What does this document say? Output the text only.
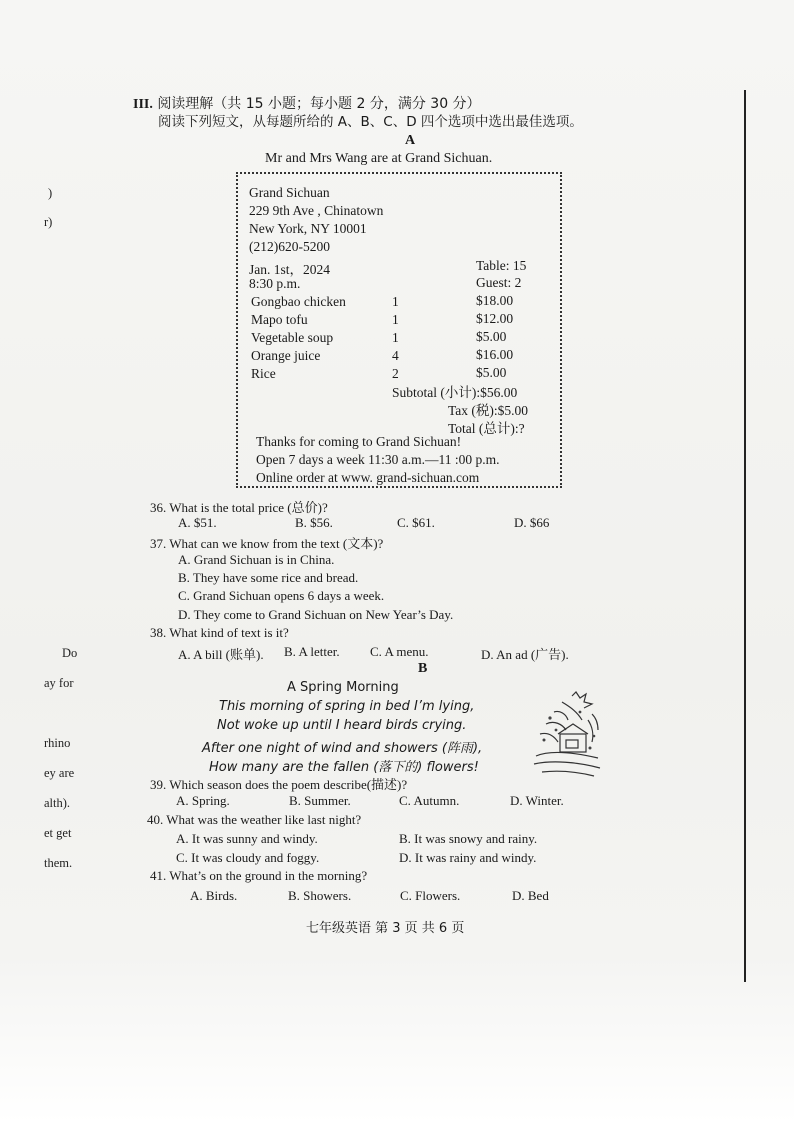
)
r)
Do
ay for
rhino
ey are
alth).
et get
them.
III. 阅读理解（共 15 小题；每小题 2 分，满分 30 分）
阅读下列短文，从每题所给的 A、B、C、D 四个选项中选出最佳选项。
A
Mr and Mrs Wang are at Grand Sichuan.
Grand Sichuan
229 9th Ave , Chinatown
New York, NY 10001
(212)620-5200
Jan. 1st，2024	Table: 15
8:30 p.m.	Guest: 2
Gongbao chicken	1	$18.00
Mapo tofu	1	$12.00
Vegetable soup	1	$5.00
Orange juice	4	$16.00
Rice	2	$5.00
Subtotal (小计):$56.00
Tax (税):$5.00
Total (总计):?
Thanks for coming to Grand Sichuan!
Open 7 days a week 11:30 a.m.—11 :00 p.m.
Online order at www. grand-sichuan.com
36. What is the total price (总价)?
A. $51.	B. $56.	C. $61.	D. $66
37. What can we know from the text (文本)?
A. Grand Sichuan is in China.
B. They have some rice and bread.
C. Grand Sichuan opens 6 days a week.
D. They come to Grand Sichuan on New Year’s Day.
38. What kind of text is it?
A. A bill (账单). B. A letter. C. A menu.	D. An ad (广告).
B
A Spring Morning
This morning of spring in bed I’m lying,
Not woke up until I heard birds crying.
After one night of wind and showers (阵雨),
How many are the fallen (落下的) flowers!
39. Which season does the poem describe(描述)?
A. Spring.	B. Summer.	C. Autumn.	D. Winter.
40. What was the weather like last night?
A. It was sunny and windy.	B. It was snowy and rainy.
C. It was cloudy and foggy.	D. It was rainy and windy.
41. What’s on the ground in the morning?
A. Birds.	B. Showers.	C. Flowers.	D. Bed
七年级英语 第 3 页 共 6 页
